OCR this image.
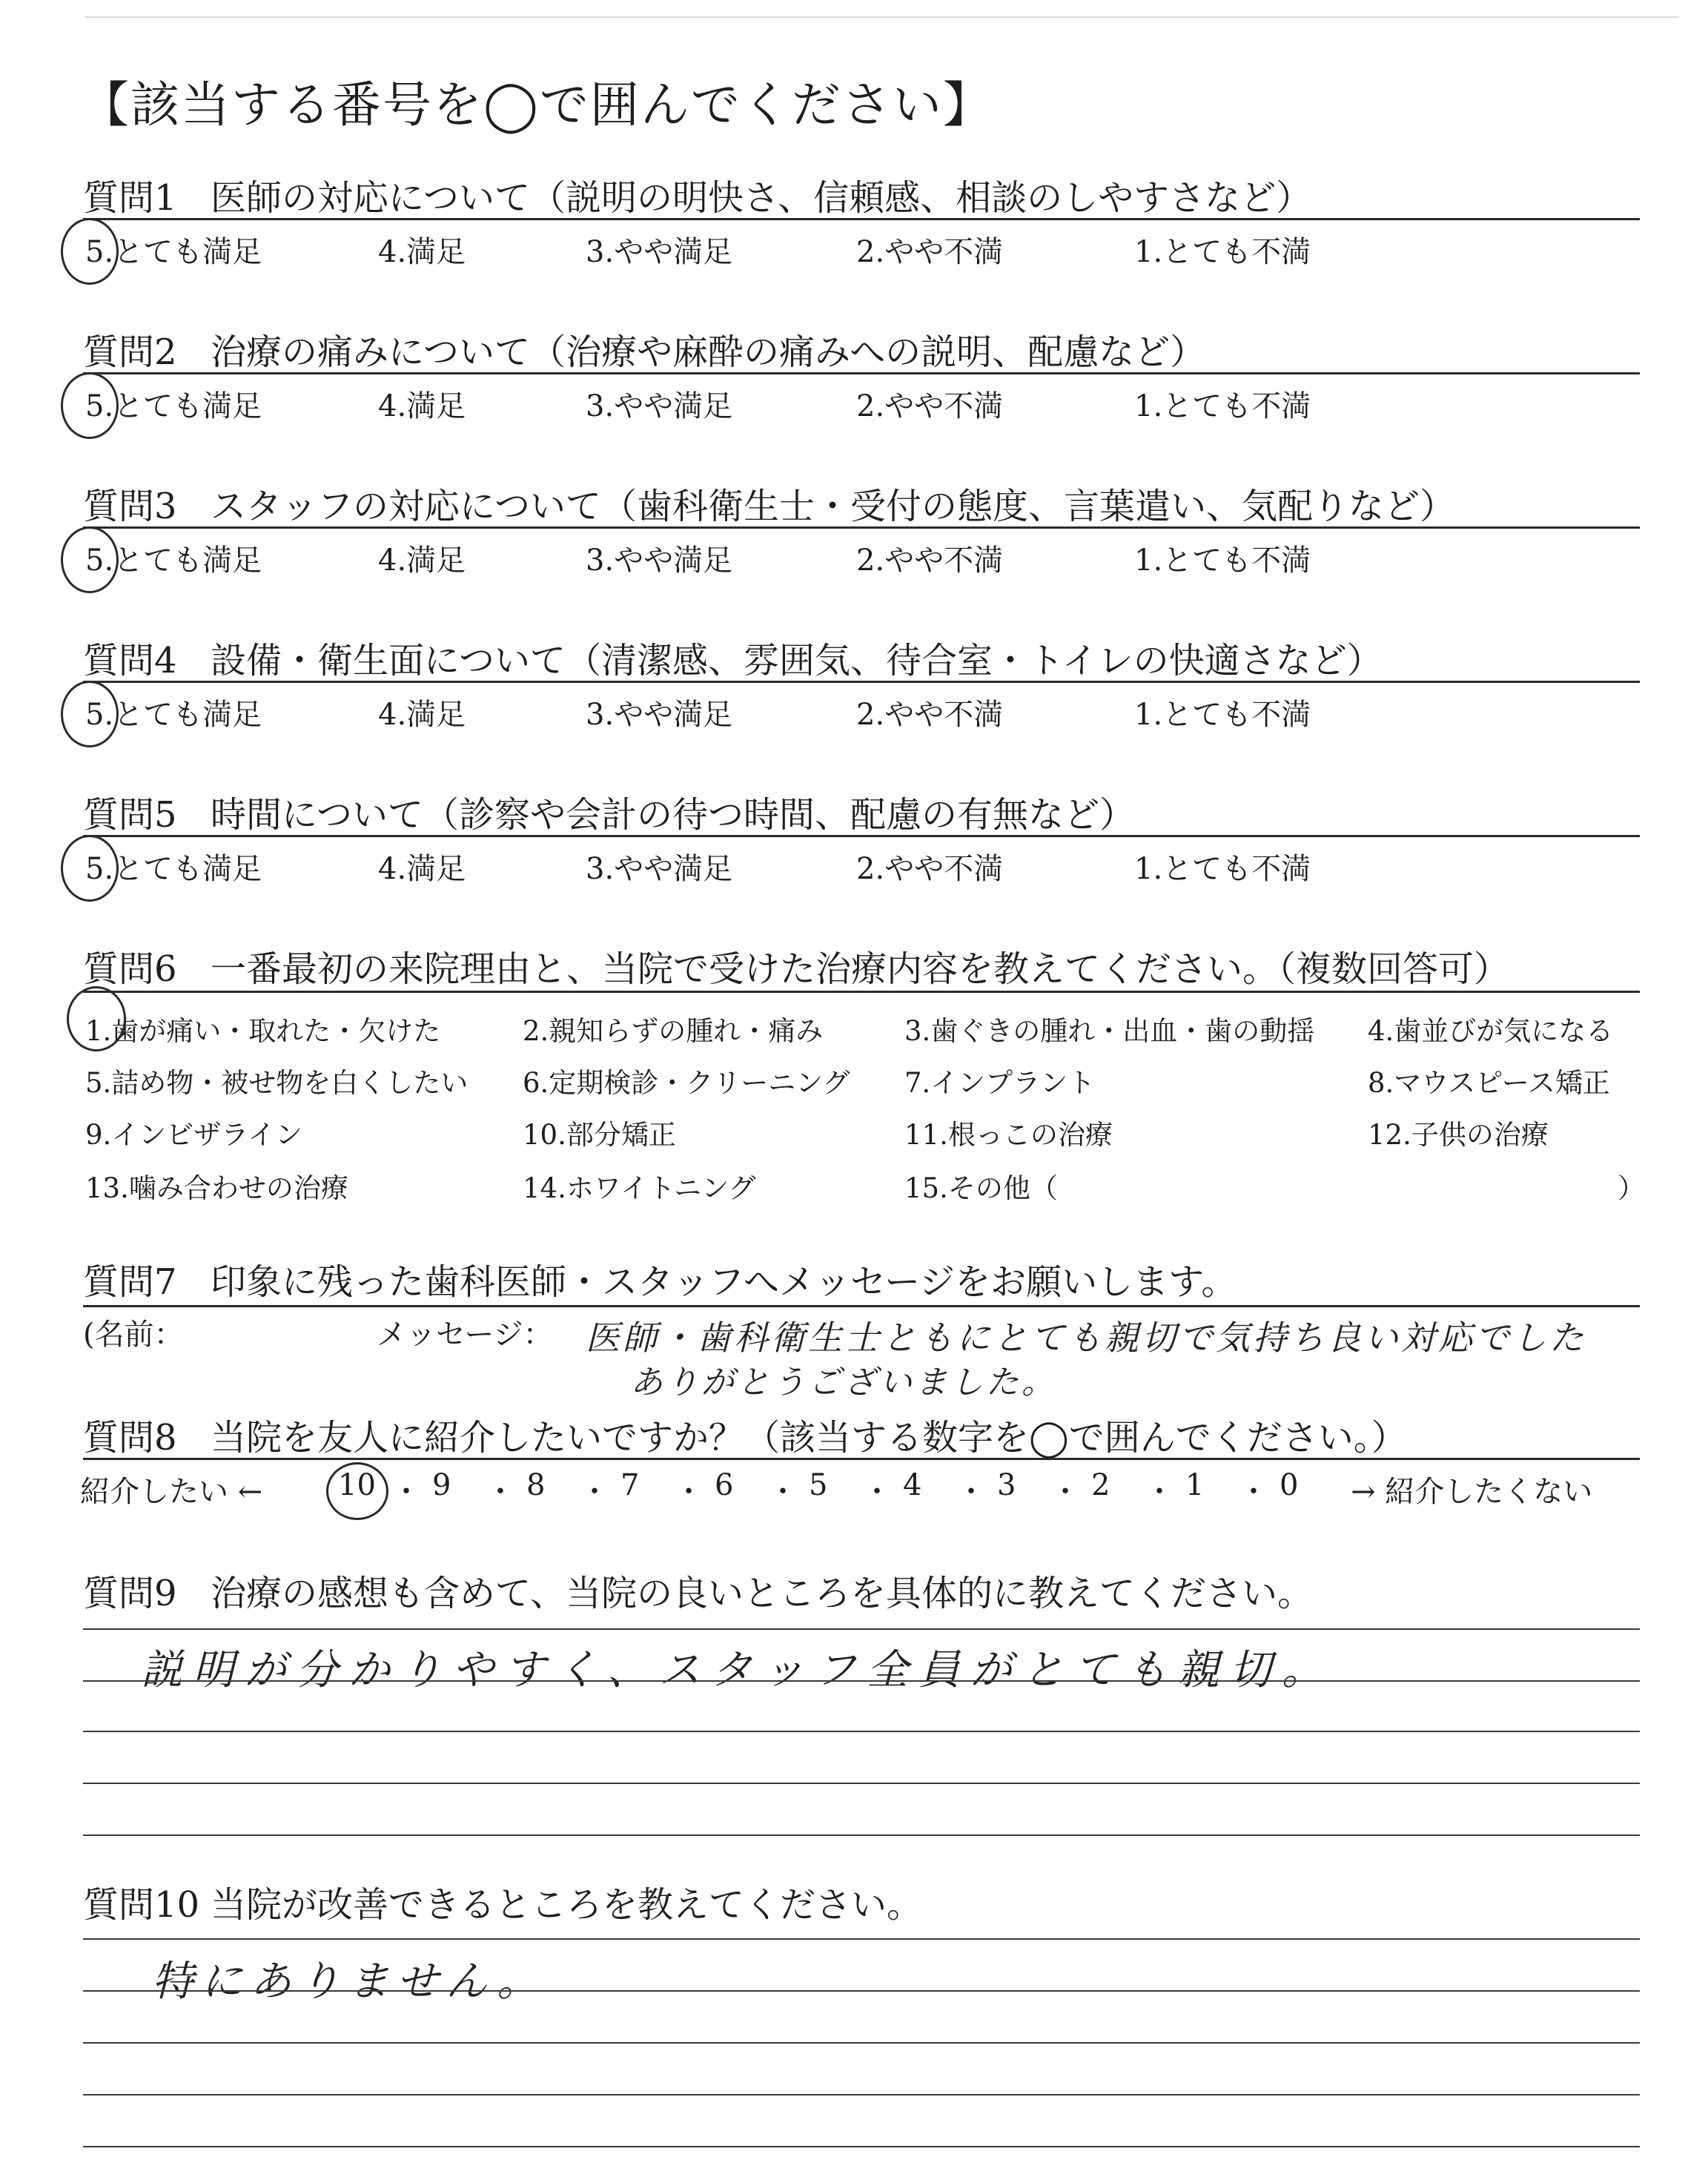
【該当する番号を◯で囲んでください】
質問1 医師の対応について（説明の明快さ、信頼感、相談のしやすさなど）
5.とても満足	4.満足	3.やや満足	2.やや不満	1.とても不満
質問2 治療の痛みについて（治療や麻酔の痛みへの説明、配慮など）
5.とても満足	4.満足	3.やや満足	2.やや不満	1.とても不満
質問3 スタッフの対応について（歯科衛生士・受付の態度、言葉遣い、気配りなど）
5.とても満足	4.満足	3.やや満足	2.やや不満	1.とても不満
質問4 設備・衛生面について（清潔感、雰囲気、待合室・トイレの快適さなど）
5.とても満足	4.満足	3.やや満足	2.やや不満	1.とても不満
質問5 時間について（診察や会計の待つ時間、配慮の有無など）
5.とても満足	4.満足	3.やや満足	2.やや不満	1.とても不満
質問6 一番最初の来院理由と、当院で受けた治療内容を教えてください。（複数回答可）
1.歯が痛い・取れた・欠けた	2.親知らずの腫れ・痛み	3.歯ぐきの腫れ・出血・歯の動揺 4.歯並びが気になる
5.詰め物・被せ物を白くしたい 6.定期検診・クリーニング 7.インプラント	8.マウスピース矯正
9.インビザライン	10.部分矯正	11.根っこの治療	12.子供の治療
13.噛み合わせの治療	14.ホワイトニング	15.その他（	）
質問7 印象に残った歯科医師・スタッフへメッセージをお願いします。
(名前：	メッセージ： 医師・歯科衛生士ともにとても親切で気持ち良い対応でした
ありがとうございました。
質問8 当院を友人に紹介したいですか？（該当する数字を◯で囲んでください。）
紹介したい ←	10 ・ 9 ・ 8 ・ 7 ・ 6 ・ 5 ・ 4 ・ 3 ・ 2 ・ 1 ・ 0 → 紹介したくない
質問9 治療の感想も含めて、当院の良いところを具体的に教えてください。
説明が分かりやすく、スタッフ全員がとても親切。
質問10 当院が改善できるところを教えてください。
特にありません。
